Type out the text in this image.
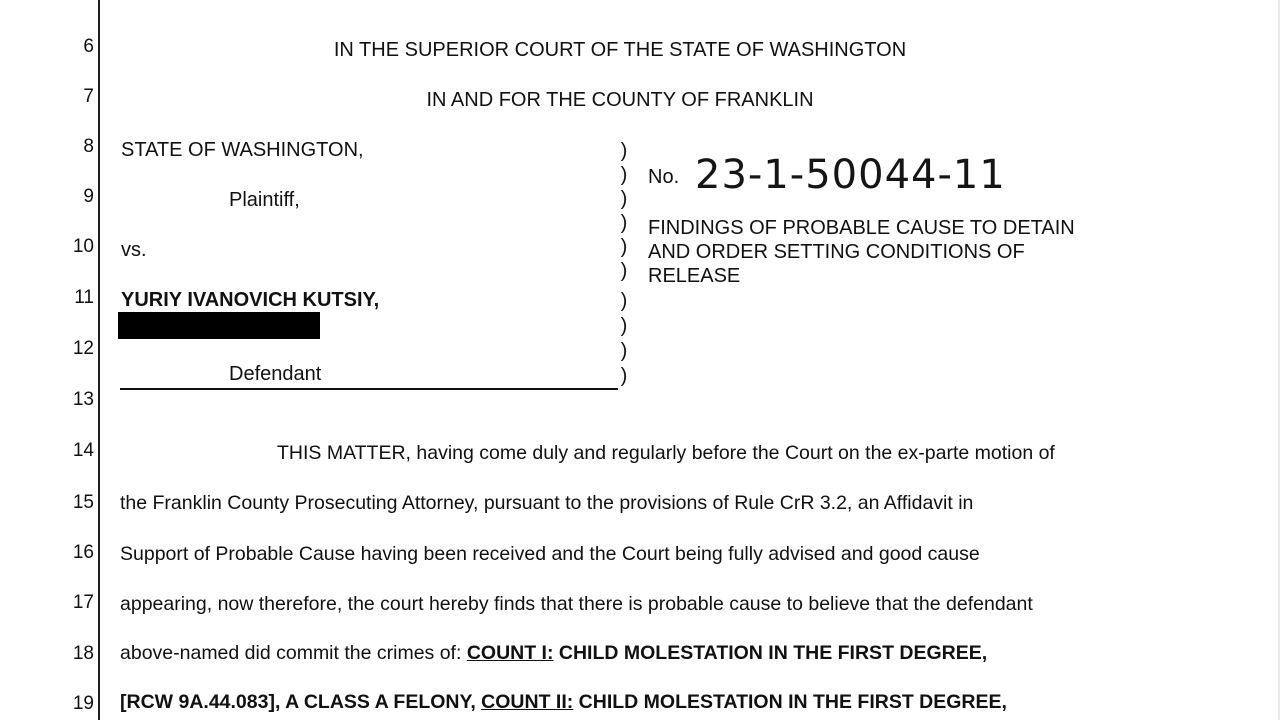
6
7
8
9
10
11
12
13
14
15
16
17
18
19
IN THE SUPERIOR COURT OF THE STATE OF WASHINGTON
IN AND FOR THE COUNTY OF FRANKLIN
STATE OF WASHINGTON,
Plaintiff,
vs.
YURIY IVANOVICH KUTSIY,
Defendant
)
)
)
)
)
)
)
)
)
)
No. 23-1-50044-11
FINDINGS OF PROBABLE CAUSE TO DETAIN
AND ORDER SETTING CONDITIONS OF
RELEASE
THIS MATTER, having come duly and regularly before the Court on the ex-parte motion of
the Franklin County Prosecuting Attorney, pursuant to the provisions of Rule CrR 3.2, an Affidavit in
Support of Probable Cause having been received and the Court being fully advised and good cause
appearing, now therefore, the court hereby finds that there is probable cause to believe that the defendant
above-named did commit the crimes of: COUNT I: CHILD MOLESTATION IN THE FIRST DEGREE,
[RCW 9A.44.083], A CLASS A FELONY, COUNT II: CHILD MOLESTATION IN THE FIRST DEGREE,
